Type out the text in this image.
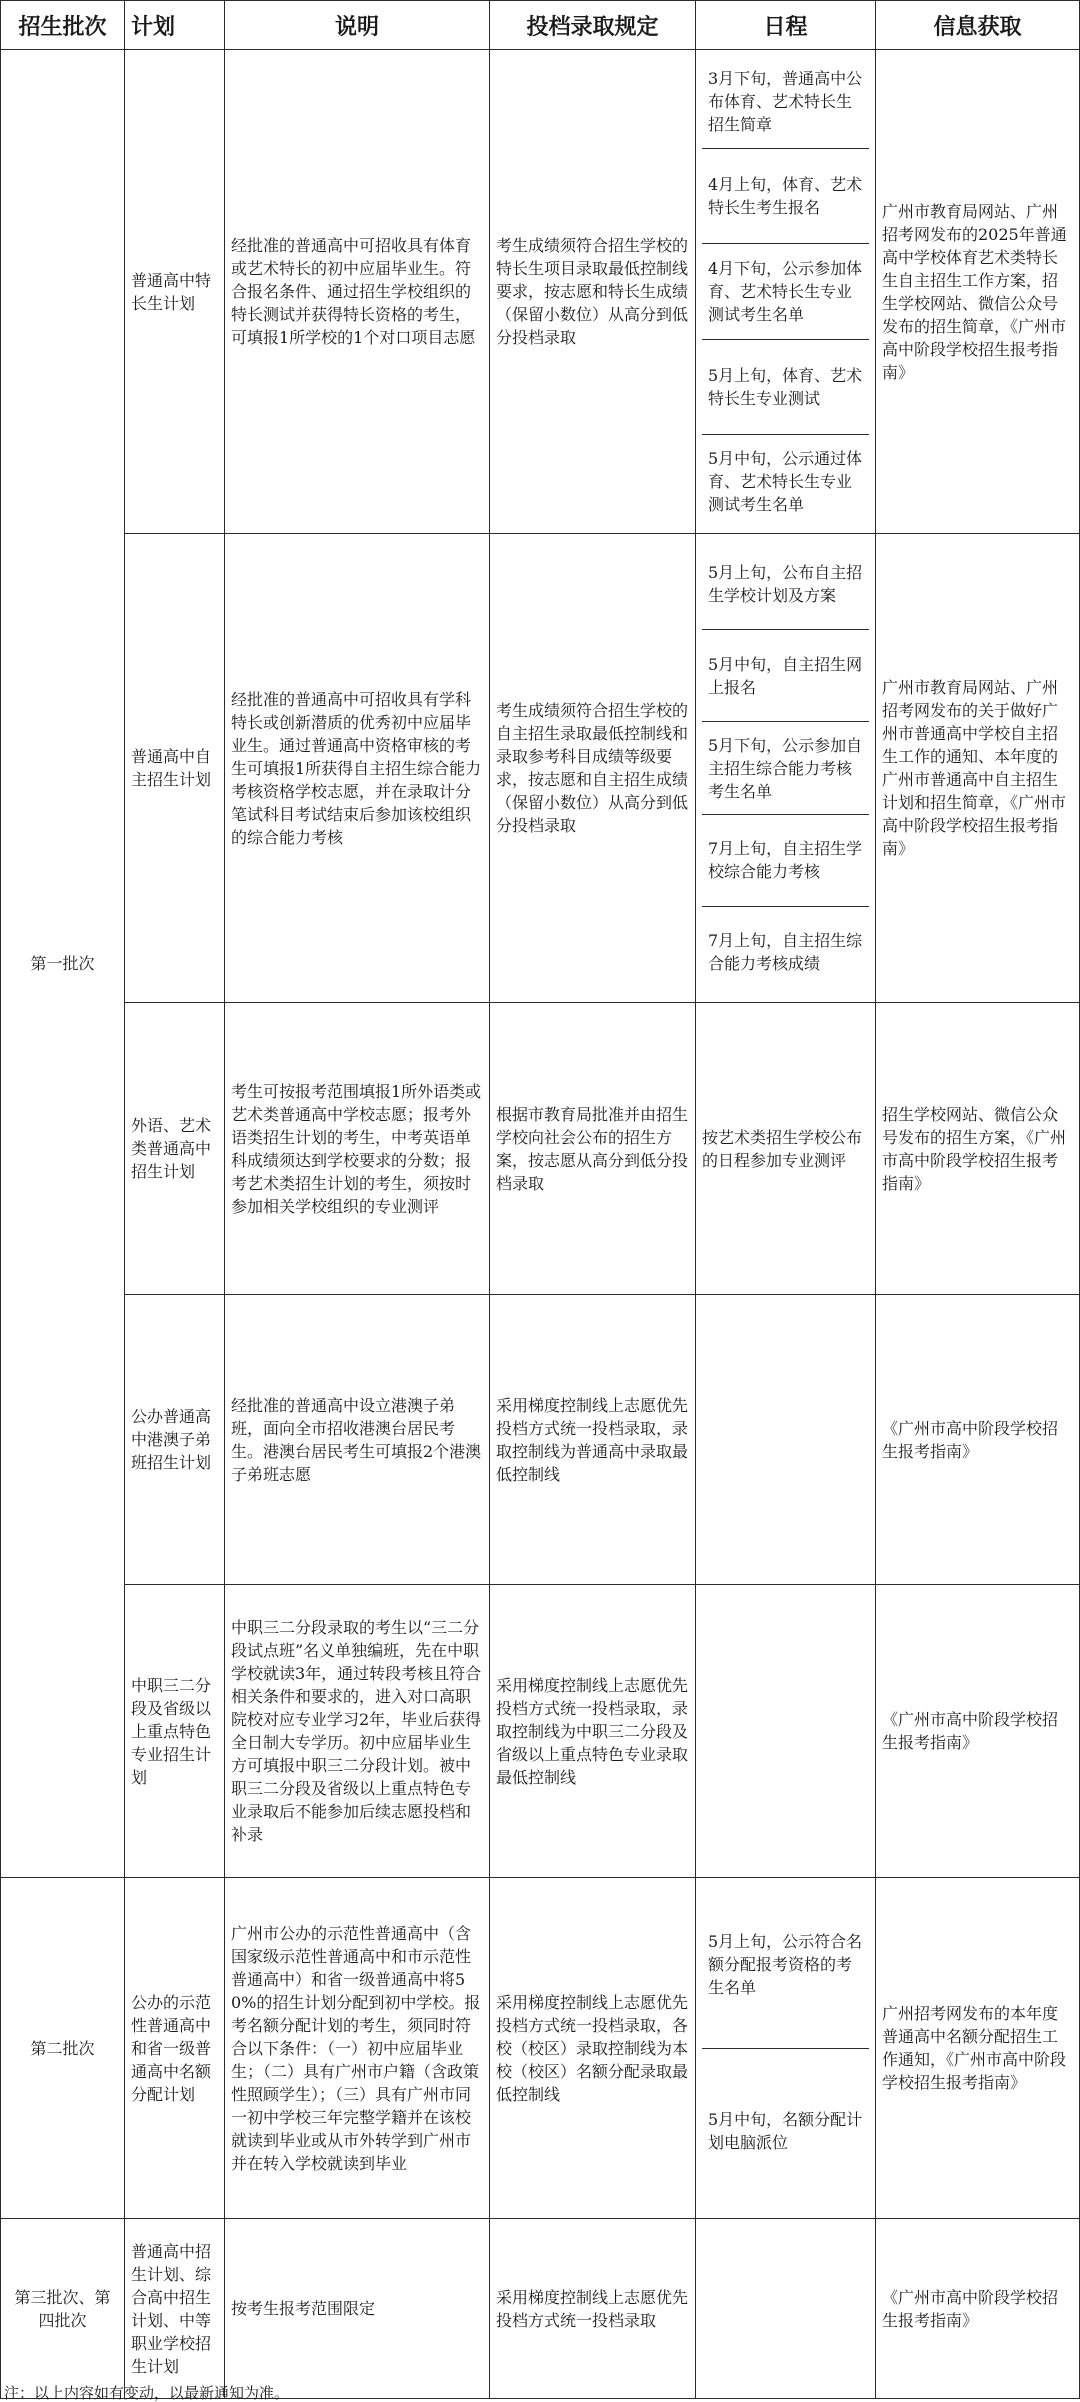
招生批次	计划	说明	投档录取规定	日程	信息获取
第一批次	普通高中特长生计划	经批准的普通高中可招收具有体育或艺术特长的初中应届毕业生。符合报名条件、通过招生学校组织的特长测试并获得特长资格的考生，可填报1所学校的1个对口项目志愿	考生成绩须符合招生学校的特长生项目录取最低控制线要求，按志愿和特长生成绩（保留小数位）从高分到低分投档录取	3月下旬，普通高中公布体育、艺术特长生招生简章
4月上旬，体育、艺术特长生考生报名
4月下旬，公示参加体育、艺术特长生专业测试考生名单
5月上旬，体育、艺术特长生专业测试
5月中旬，公示通过体育、艺术特长生专业测试考生名单	广州市教育局网站、广州招考网发布的2025年普通高中学校体育艺术类特长生自主招生工作方案，招生学校网站、微信公众号发布的招生简章，《广州市高中阶段学校招生报考指南》
	普通高中自主招生计划	经批准的普通高中可招收具有学科特长或创新潜质的优秀初中应届毕业生。通过普通高中资格审核的考生可填报1所获得自主招生综合能力考核资格学校志愿，并在录取计分笔试科目考试结束后参加该校组织的综合能力考核	考生成绩须符合招生学校的自主招生录取最低控制线和录取参考科目成绩等级要求，按志愿和自主招生成绩（保留小数位）从高分到低分投档录取	5月上旬，公布自主招生学校计划及方案
5月中旬，自主招生网上报名
5月下旬，公示参加自主招生综合能力考核考生名单
7月上旬，自主招生学校综合能力考核
7月上旬，自主招生综合能力考核成绩	广州市教育局网站、广州招考网发布的关于做好广州市普通高中学校自主招生工作的通知、本年度的广州市普通高中自主招生计划和招生简章，《广州市高中阶段学校招生报考指南》
	外语、艺术类普通高中招生计划	考生可按报考范围填报1所外语类或艺术类普通高中学校志愿；报考外语类招生计划的考生，中考英语单科成绩须达到学校要求的分数；报考艺术类招生计划的考生，须按时参加相关学校组织的专业测评	根据市教育局批准并由招生学校向社会公布的招生方案，按志愿从高分到低分投档录取	按艺术类招生学校公布的日程参加专业测评	招生学校网站、微信公众号发布的招生方案，《广州市高中阶段学校招生报考指南》
	公办普通高中港澳子弟班招生计划	经批准的普通高中设立港澳子弟班，面向全市招收港澳台居民考生。港澳台居民考生可填报2个港澳子弟班志愿	采用梯度控制线上志愿优先投档方式统一投档录取，录取控制线为普通高中录取最低控制线		《广州市高中阶段学校招生报考指南》
	中职三二分段及省级以上重点特色专业招生计划	中职三二分段录取的考生以“三二分段试点班”名义单独编班，先在中职学校就读3年，通过转段考核且符合相关条件和要求的，进入对口高职院校对应专业学习2年，毕业后获得全日制大专学历。初中应届毕业生方可填报中职三二分段计划。被中职三二分段及省级以上重点特色专业录取后不能参加后续志愿投档和补录	采用梯度控制线上志愿优先投档方式统一投档录取，录取控制线为中职三二分段及省级以上重点特色专业录取最低控制线		《广州市高中阶段学校招生报考指南》
第二批次	公办的示范性普通高中和省一级普通高中名额分配计划	广州市公办的示范性普通高中（含国家级示范性普通高中和市示范性普通高中）和省一级普通高中将50%的招生计划分配到初中学校。报考名额分配计划的考生，须同时符合以下条件：（一）初中应届毕业生；（二）具有广州市户籍（含政策性照顾学生）；（三）具有广州市同一初中学校三年完整学籍并在该校就读到毕业或从市外转学到广州市并在转入学校就读到毕业	采用梯度控制线上志愿优先投档方式统一投档录取，各校（校区）录取控制线为本校（校区）名额分配录取最低控制线	5月上旬，公示符合名额分配报考资格的考生名单
5月中旬，名额分配计划电脑派位	广州招考网发布的本年度普通高中名额分配招生工作通知，《广州市高中阶段学校招生报考指南》
第三批次、第四批次	普通高中招生计划、综合高中招生计划、中等职业学校招生计划	按考生报考范围限定	采用梯度控制线上志愿优先投档方式统一投档录取		《广州市高中阶段学校招生报考指南》

注：以上内容如有变动，以最新通知为准。
